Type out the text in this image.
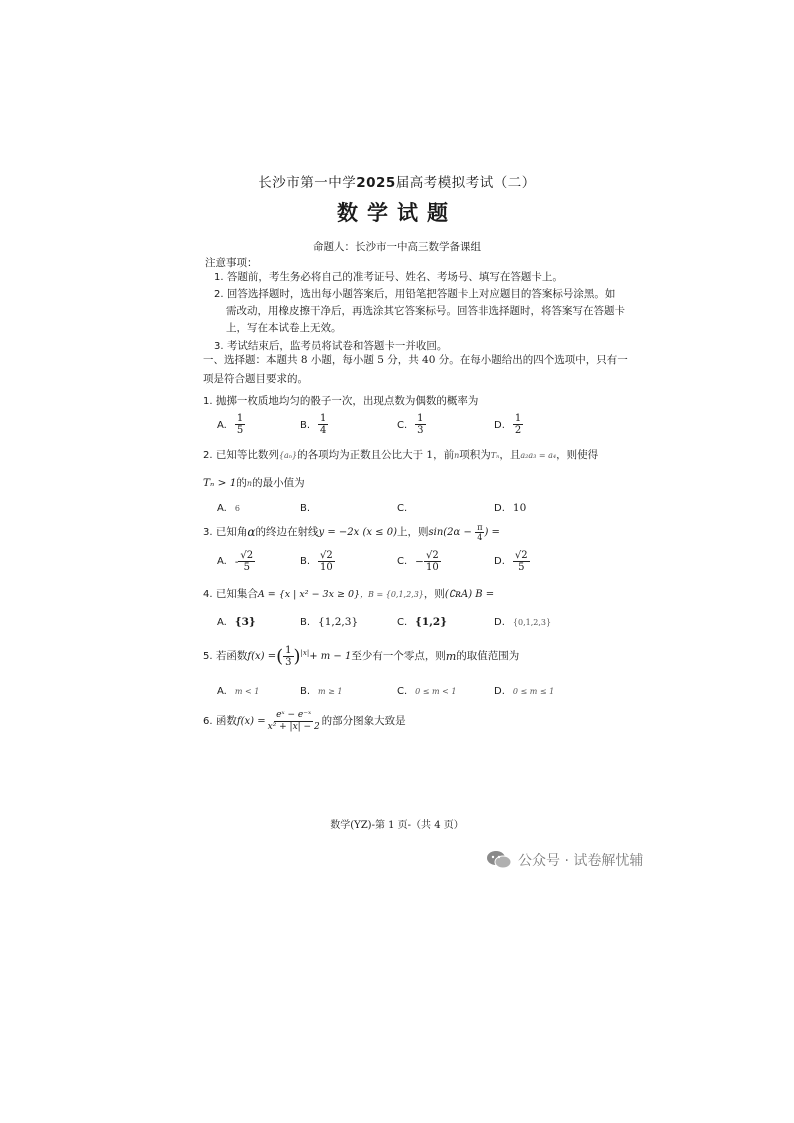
长沙市第一中学2025届高考模拟考试（二）
数学试题
命题人：长沙市一中高三数学备课组
注意事项：
1. 答题前，考生务必将自己的准考证号、姓名、考场号、填写在答题卡上。
2. 回答选择题时，选出每小题答案后，用铅笔把答题卡上对应题目的答案标号涂黑。如
需改动，用橡皮擦干净后，再选涂其它答案标号。回答非选择题时，将答案写在答题卡
上，写在本试卷上无效。
3. 考试结束后，监考员将试卷和答题卡一并收回。
一、选择题：本题共 8 小题，每小题 5 分，共 40 分。在每小题给出的四个选项中，只有一
项是符合题目要求的。
1. 抛掷一枚质地均匀的骰子一次，出现点数为偶数的概率为
A. $\frac{1}{5}$	B. $\frac{1}{4}$	C. $\frac{1}{3}$	D. $\frac{1}{2}$
2. 已知等比数列{aₙ}的各项均为正数且公比大于 1，前n项积为Tₙ，且a₂a₃ = a₄，则使得
Tₙ > 1的n的最小值为
A. 6	B.	C.	D. 10
3.
已知角 α 的终边在射线 y = −2x (x ≤ 0) 上，则 sin(2α −
$\frac{\pi}{4}$ ) =
A. - $\frac{√2}{5}$	B. $\frac{√2}{10}$	C. − $\frac{√2}{10}$	D. $\frac{√2}{5}$
4. 已知集合A = {x | x² − 3x ≥ 0}，B = {0,1,2,3}，则(∁ʀA) B =
A. {3}	B. {1,2,3}	C. {1,2}	D. {0,1,2,3}
5.
若函数 f(x) = ( $\frac{1}{3} )^{|x|} + m - 1$ 至少有一个零点，则 m 的取值范围为
A. m < 1	B. m ≥ 1	C. 0 ≤ m < 1	D. 0 ≤ m ≤ 1
6.
函数 $f(x) = \frac{\text{eˣ − e⁻ˣ}}{\text{x² + |x| − 2}}$ 的部分图象大致是
数学(YZ)-第 1 页-（共 4 页）
公众号 · 试卷解忧辅
